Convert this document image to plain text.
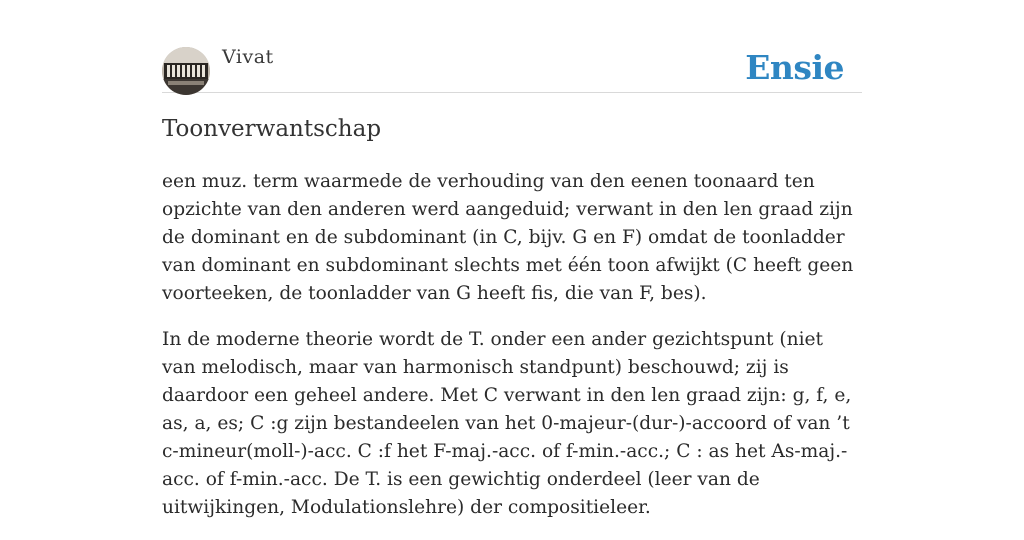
Vivat	Ensie
Toonverwantschap

een muz. term waarmede de verhouding van den eenen toonaard ten opzichte van den anderen werd aangeduid; verwant in den len graad zijn de dominant en de subdominant (in C, bijv. G en F) omdat de toonladder van dominant en subdominant slechts met één toon afwijkt (C heeft geen voorteeken, de toonladder van G heeft fis, die van F, bes).

In de moderne theorie wordt de T. onder een ander gezichtspunt (niet van melodisch, maar van harmonisch standpunt) beschouwd; zij is daardoor een geheel andere. Met C verwant in den len graad zijn: g, f, e, as, a, es; C :g zijn bestandeelen van het 0-majeur-(dur-)-accoord of van ’t c-mineur(moll-)-acc. C :f het F-maj.-acc. of f-min.-acc.; C : as het As-maj.-acc. of f-min.-acc. De T. is een gewichtig onderdeel (leer van de uitwijkingen, Modulationslehre) der compositieleer.
